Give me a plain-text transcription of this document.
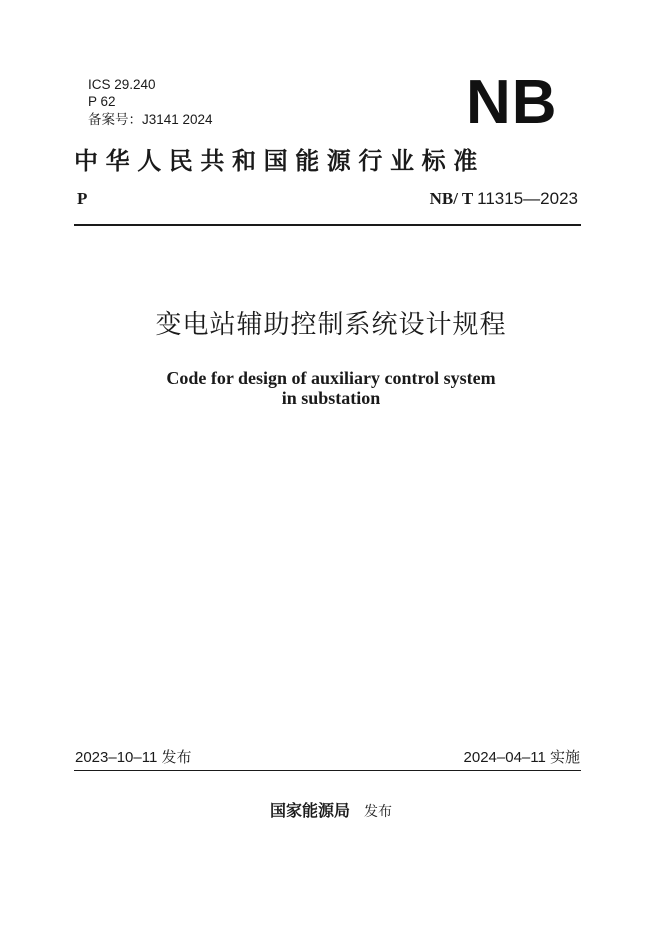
ICS 29.240
P 62
备案号：J3141 2024	NB
中华人民共和国能源行业标准
P	NB/ T 11315—2023
变电站辅助控制系统设计规程
Code for design of auxiliary control system
in substation
2023–10–11 发布	2024–04–11 实施
国家能源局 发布
